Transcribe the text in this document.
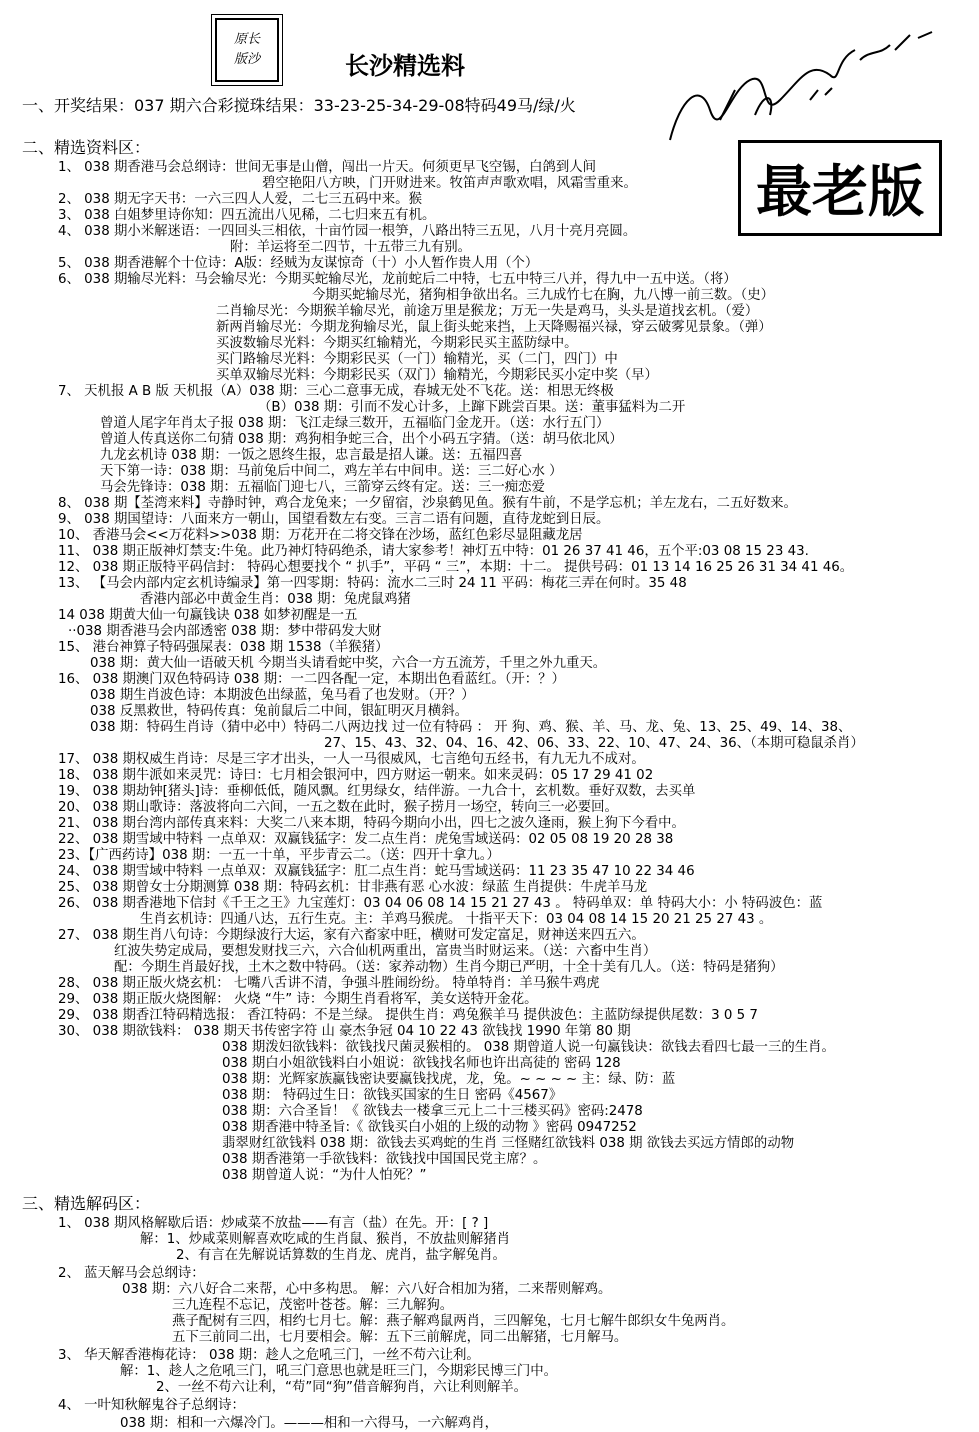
原长
版沙	长沙精选料
最老版
一、开奖结果：037 期六合彩搅珠结果：33-23-25-34-29-08特码49马/绿/火
二、精选资料区：
1、 038 期香港马会总纲诗：世间无事是山僧，闯出一片天。何须更早飞空锡，白鸽到人间
碧空艳阳八方映，门开财进来。牧笛声声歌欢唱，风霜雪重来。
2、 038 期无字天书：一六三四人人爱，二七三五码中来。猴
3、 038 白姐梦里诗你知：四五流出八见稀，二七归来五有机。
4、 038 期小米解迷语：一四回头三相依，十亩竹园一根笋，八路出特三五见，八月十亮月亮圆。
附：羊运将至二四节，十五带三九有别。
5、 038 期香港解个十位诗：A版：经贼为友谋惊奇（十）小人暂作贵人用（个）
6、 038 期输尽光料：马会输尽光：今期买蛇输尽光，龙前蛇后二中特，七五中特三八并，得九中一五中送。（将）
今期买蛇输尽光，猪狗相争欲出名。三九成竹七在胸，九八博一前三数。（史）
二肖输尽光：今期猴羊输尽光，前途万里是猴龙；万无一失是鸡马，头头是道找玄机。（爱）
新两肖输尽光：今期龙狗输尽光，鼠上街头蛇来挡，上天降赐福兴禄，穿云破雾见景象。（弹）
买波数输尽光料：今期买红输精光，今期彩民买主蓝防绿中。
买门路输尽光料：今期彩民买（一门）输精光，买（二门，四门）中
买单双输尽光料：今期彩民买（双门）输精光，今期彩民买小定中奖（早）
7、 天机报 A B 版 天机报（A）038 期：三心二意事无成，春城无处不飞花。送：相思无终极
（B）038 期：引而不发心计多，上蹿下跳尝百果。送：董事猛料为二开
曾道人尾字年肖太子报 038 期：飞江走绿三数开，五福临门金龙开。（送：水行五门）
曾道人传真送你二句猜 038 期：鸡狗相争蛇三合，出个小码五字猜。（送：胡马依北风）
九龙玄机诗 038 期：一饭之恩终生报，忠言最是招人谦。送：五福四喜
天下第一诗：038 期：马前兔后中间二，鸡左羊右中间申。送：三二好心水 ）
马会先锋诗：038 期：五福临门迎七八，三箭穿云终有定。送：三一痴恋爱
8、 038 期【荃湾来料】寺静时钟，鸡合龙兔来；一夕留宿，沙泉鹤见鱼。猴有牛前，不是学忘机；羊左龙右，二五好数来。
9、 038 期国望诗：八面来方一朝山，国望看数左右变。三言二语有问题，直待龙蛇到日辰。
10、 香港马会<<万花料>>038 期：万花开在二将交锋在沙场，蓝红色彩尽显阻藏龙居
11、 038 期正版神灯禁支:牛兔。此乃神灯特码绝杀，请大家参考！神灯五中特：01 26 37 41 46，五个平:03 08 15 23 43.
12、 038 期正版特平码信封： 特码心想要找个 “ 扒手”，平码 “ 三”，本期：十二。 提供号码：01 13 14 16 25 26 31 34 41 46。
13、 【马会内部内定玄机诗编录】第一四零期：特码：流水二三时 24 11 平码：梅花三弄在何时。35 48
香港内部必中黄金生肖：038 期：兔虎鼠鸡猪
14 038 期黄大仙一句赢钱诀 038 如梦初醒是一五
··038 期香港马会内部透密 038 期：梦中带码发大财
15、 港台神算子特码强屎表：038 期 1538（羊猴猪）
038 期：黄大仙一语破天机 今期当头请看蛇中奖，六合一方五流芳，千里之外九重天。
16、 038 期澳门双色特码诗 038 期：一二四各配一定，本期出色看蓝红。（开：？）
038 期生肖波色诗：本期波色出绿蓝，兔马看了也发财。（开？）
038 反黑救世，特码传真：兔前鼠后二中间，银缸明灭月横斜。
038 期：特码生肖诗（猜中必中）特码二八两边找 过一位有特码 ： 开 狗、鸡、猴、羊、马、龙、兔、13、25、49、14、38、
27、15、43、32、04、16、42、06、33、22、10、47、24、36、（本期可稳鼠杀肖）
17、 038 期权威生肖诗：尽是三字才出头，一人一马很威风，七言绝句五经书，有九无九不成对。
18、 038 期牛派如来灵咒：诗曰：七月相会银河中，四方财运一朝来。如来灵码：05 17 29 41 02
19、 038 期劫钟[猪头]诗：垂柳低低，随风飘。红男绿女，结伴游。一九合十，玄机数。垂好双数，去买单
20、 038 期山歌诗：落波将向二六间，一五之数在此时，猴子捞月一场空，转向三一必要回。
21、 038 期台湾内部传真来料：大奖二八来本期，特码今期向小出，四七之波久逢雨，猴上狗下今看中。
22、 038 期雪域中特料 一点单双：双赢钱猛字：发二点生肖：虎兔雪域送码：02 05 08 19 20 28 38
23、【广西药诗】038 期：一五一十单，平步青云二。（送：四开十拿九。）
24、 038 期雪域中特料 一点单双：双赢钱猛字：肛二点生肖：蛇马雪域送码：11 23 35 47 10 22 34 46
25、 038 期曾女士分期测算 038 期：特码玄机：甘非燕有恶 心水波：绿蓝 生肖提供：牛虎羊马龙
26、 038 期香港地下信封《千王之王》九宝莲灯：03 04 06 08 14 15 21 27 43 。 特码单双：单 特码大小：小 特码波色：蓝
生肖玄机诗：四通八达，五行生克。主：羊鸡马猴虎。 十指平天下：03 04 08 14 15 20 21 25 27 43 。
27、 038 期生肖八句诗：今期绿波行大运，家有六畜家中旺，横财可发定富足，财神送来四五六。
红波失势定成局，要想发财找三六，六合仙机两重出，富贵当时财运来。（送：六畜中生肖）
配：今期生肖最好找，土木之数中特码。（送：家养动物）生肖今期已严明，十全十美有几人。（送：特码是猪狗）
28、 038 期正版火烧玄机： 七嘴八舌讲不清，争强斗胜闹纷纷。 特单特肖：羊马猴牛鸡虎
29、 038 期正版火烧图解： 火烧 “牛” 诗：今期生肖看将军，美女送特开金花。
29、 038 期香江特码精选报： 香江特码：不是兰绿。 提供生肖：鸡兔猴羊马 提供波色：主蓝防绿提供尾数：3 0 5 7
30、 038 期欲钱料： 038 期天书传密字符 山 豪杰争冠 04 10 22 43 欲钱找 1990 年第 80 期
038 期泼妇欲钱料：欲钱找尺菌灵猴相的。 038 期曾道人说一句赢钱诀：欲钱去看四七最一三的生肖。
038 期白小姐欲钱料白小姐说：欲钱找名师也许出高徒的 密码 128
038 期：光辉家族赢钱密诀要赢钱找虎，龙，兔。~ ~ ~ ~ 主：绿、防：蓝
038 期： 特码过生日：欲钱买国家的生日 密码《4567》
038 期：六合圣旨！《 欲钱去一楼拿三元上二十三楼买码》密码:2478
038 期香港中特圣旨:《 欲钱买白小姐的上级的动物 》密码 0947252
翡翠财红欲钱料 038 期：欲钱去买鸡蛇的生肖 三怪赌红欲钱料 038 期 欲钱去买远方情郎的动物
038 期香港第一手欲钱料：欲钱找中国国民党主席？。
038 期曾道人说：“为什人怕死？”
三、精选解码区：
1、 038 期风格解歇后语：炒咸菜不放盐——有言（盐）在先。开：[ ? ]
解：1、炒咸菜则解喜欢吃咸的生肖鼠、猴肖，不放盐则解猪肖
2、有言在先解说话算数的生肖龙、虎肖，盐字解兔肖。
2、 蓝天解马会总纲诗：
038 期：六八好合二来帮，心中多构思。 解：六八好合相加为猪，二来帮则解鸡。
三九连程不忘记，茂密叶苍苍。解：三九解狗。
燕子配树有三四，相约七月七。解：燕子解鸡鼠两肖，三四解兔，七月七解牛郎织女牛兔两肖。
五下三前同二出，七月要相会。解：五下三前解虎，同二出解猪，七月解马。
3、 华天解香港梅花诗： 038 期：趁人之危吼三门，一丝不苟六让利。
解：1、趁人之危吼三门，吼三门意思也就是旺三门，今期彩民博三门中。
2、一丝不苟六让利，“苟”同“狗”借音解狗肖，六让利则解羊。
4、 一叶知秋解鬼谷子总纲诗：
038 期：相和一六爆冷门。———相和一六得马，一六解鸡肖，
